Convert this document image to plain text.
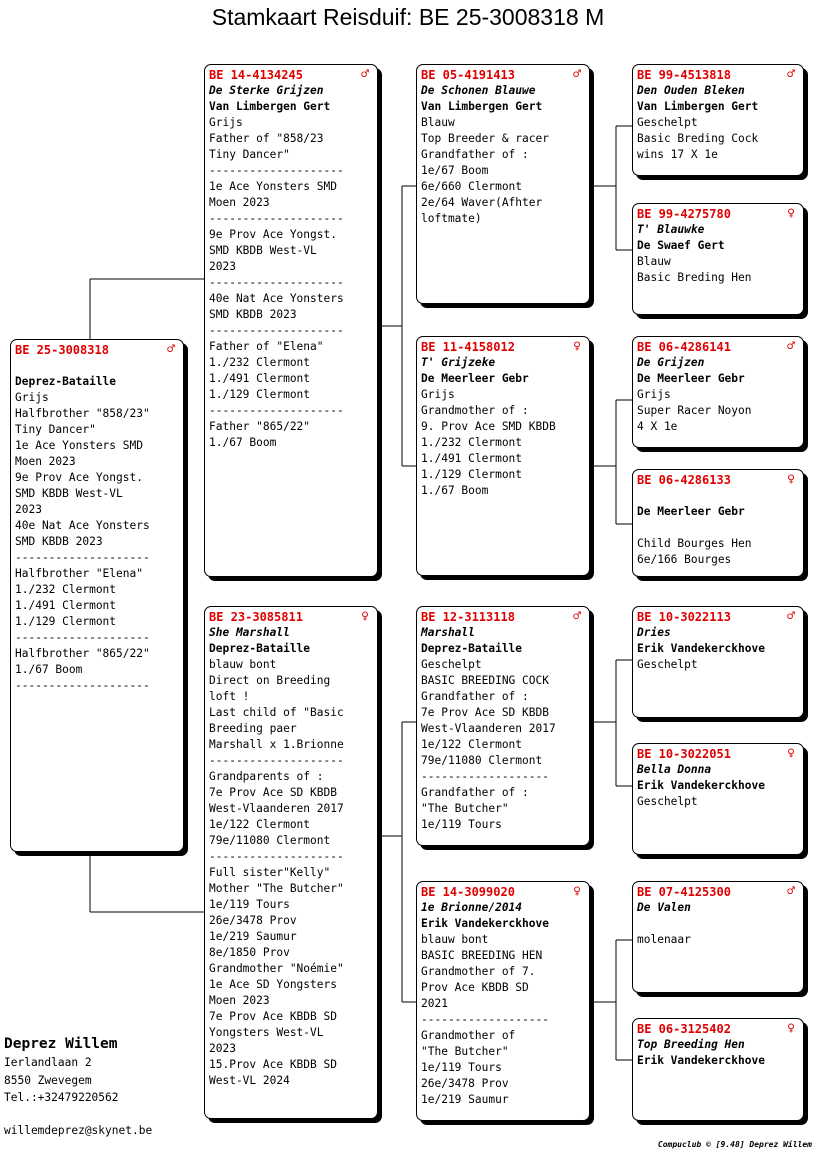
Stamkaart Reisduif: BE 25-3008318 M
BE 25-3008318	♂
Deprez-Bataille
Grijs
Halfbrother "858/23"
Tiny Dancer"
1e Ace Yonsters SMD
Moen 2023
9e Prov Ace Yongst.
SMD KBDB West-VL
2023
40e Nat Ace Yonsters
SMD KBDB 2023
--------------------
Halfbrother "Elena"
1./232 Clermont
1./491 Clermont
1./129 Clermont
--------------------
Halfbrother "865/22"
1./67 Boom
--------------------
BE 14-4134245	♂
De Sterke Grijzen
Van Limbergen Gert
Grijs
Father of "858/23
Tiny Dancer"
--------------------
1e Ace Yonsters SMD
Moen 2023
--------------------
9e Prov Ace Yongst.
SMD KBDB West-VL
2023
--------------------
40e Nat Ace Yonsters
SMD KBDB 2023
--------------------
Father of "Elena"
1./232 Clermont
1./491 Clermont
1./129 Clermont
--------------------
Father "865/22"
1./67 Boom
BE 23-3085811	♀
She Marshall
Deprez-Bataille
blauw bont
Direct on Breeding
loft !
Last child of "Basic
Breeding paer
Marshall x 1.Brionne
--------------------
Grandparents of :
7e Prov Ace SD KBDB
West-Vlaanderen 2017
1e/122 Clermont
79e/11080 Clermont
--------------------
Full sister"Kelly"
Mother "The Butcher"
1e/119 Tours
26e/3478 Prov
1e/219 Saumur
8e/1850 Prov
Grandmother "Noémie"
1e Ace SD Yongsters
Moen 2023
7e Prov Ace KBDB SD
Yongsters West-VL
2023
15.Prov Ace KBDB SD
West-VL 2024
BE 05-4191413	♂
De Schonen Blauwe
Van Limbergen Gert
Blauw
Top Breeder & racer
Grandfather of :
1e/67 Boom
6e/660 Clermont
2e/64 Waver(Afhter
loftmate)
BE 11-4158012	♀
T' Grijzeke
De Meerleer Gebr
Grijs
Grandmother of :
9. Prov Ace SMD KBDB
1./232 Clermont
1./491 Clermont
1./129 Clermont
1./67 Boom
BE 12-3113118	♂
Marshall
Deprez-Bataille
Geschelpt
BASIC BREEDING COCK
Grandfather of :
7e Prov Ace SD KBDB
West-Vlaanderen 2017
1e/122 Clermont
79e/11080 Clermont
-------------------
Grandfather of :
"The Butcher"
1e/119 Tours
BE 14-3099020	♀
1e Brionne/2014
Erik Vandekerckhove
blauw bont
BASIC BREEDING HEN
Grandmother of 7.
Prov Ace KBDB SD
2021
-------------------
Grandmother of
"The Butcher"
1e/119 Tours
26e/3478 Prov
1e/219 Saumur
BE 99-4513818	♂
Den Ouden Bleken
Van Limbergen Gert
Geschelpt
Basic Breding Cock
wins 17 X 1e
BE 99-4275780	♀
T' Blauwke
De Swaef Gert
Blauw
Basic Breding Hen
BE 06-4286141	♂
De Grijzen
De Meerleer Gebr
Grijs
Super Racer Noyon
4 X 1e
BE 06-4286133	♀
De Meerleer Gebr
Child Bourges Hen
6e/166 Bourges
BE 10-3022113	♂
Dries
Erik Vandekerckhove
Geschelpt
BE 10-3022051	♀
Bella Donna
Erik Vandekerckhove
Geschelpt
BE 07-4125300	♂
De Valen
molenaar
BE 06-3125402	♀
Top Breeding Hen
Erik Vandekerckhove
Deprez Willem
Ierlandlaan 2
8550 Zwevegem
Tel.:+32479220562
willemdeprez@skynet.be
Compuclub © [9.48] Deprez Willem
